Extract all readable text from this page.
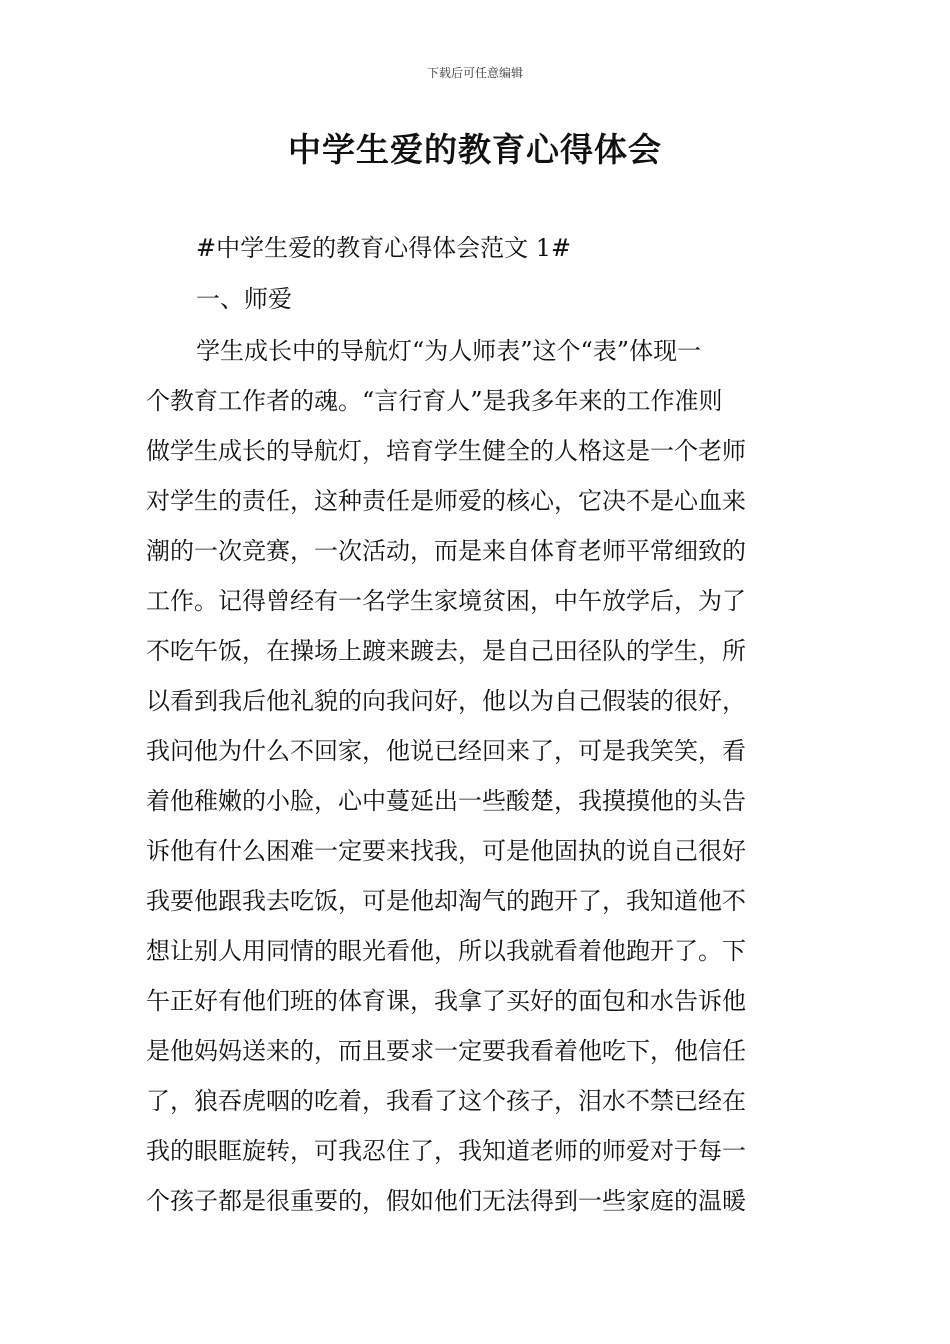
下载后可任意编辑
中学生爱的教育心得体会

#中学生爱的教育心得体会范文 1#

一、师爱

学生成长中的导航灯“为人师表”这个“表”体现一
个教育工作者的魂。“言行育人”是我多年来的工作准则
做学生成长的导航灯，培育学生健全的人格这是一个老师
对学生的责任，这种责任是师爱的核心，它决不是心血来
潮的一次竞赛，一次活动，而是来自体育老师平常细致的
工作。记得曾经有一名学生家境贫困，中午放学后，为了
不吃午饭，在操场上踱来踱去，是自己田径队的学生，所
以看到我后他礼貌的向我问好，他以为自己假装的很好，
我问他为什么不回家，他说已经回来了，可是我笑笑，看
着他稚嫩的小脸，心中蔓延出一些酸楚，我摸摸他的头告
诉他有什么困难一定要来找我，可是他固执的说自己很好
我要他跟我去吃饭，可是他却淘气的跑开了，我知道他不
想让别人用同情的眼光看他，所以我就看着他跑开了。下
午正好有他们班的体育课，我拿了买好的面包和水告诉他
是他妈妈送来的，而且要求一定要我看着他吃下，他信任
了，狼吞虎咽的吃着，我看了这个孩子，泪水不禁已经在
我的眼眶旋转，可我忍住了，我知道老师的师爱对于每一
个孩子都是很重要的，假如他们无法得到一些家庭的温暖
